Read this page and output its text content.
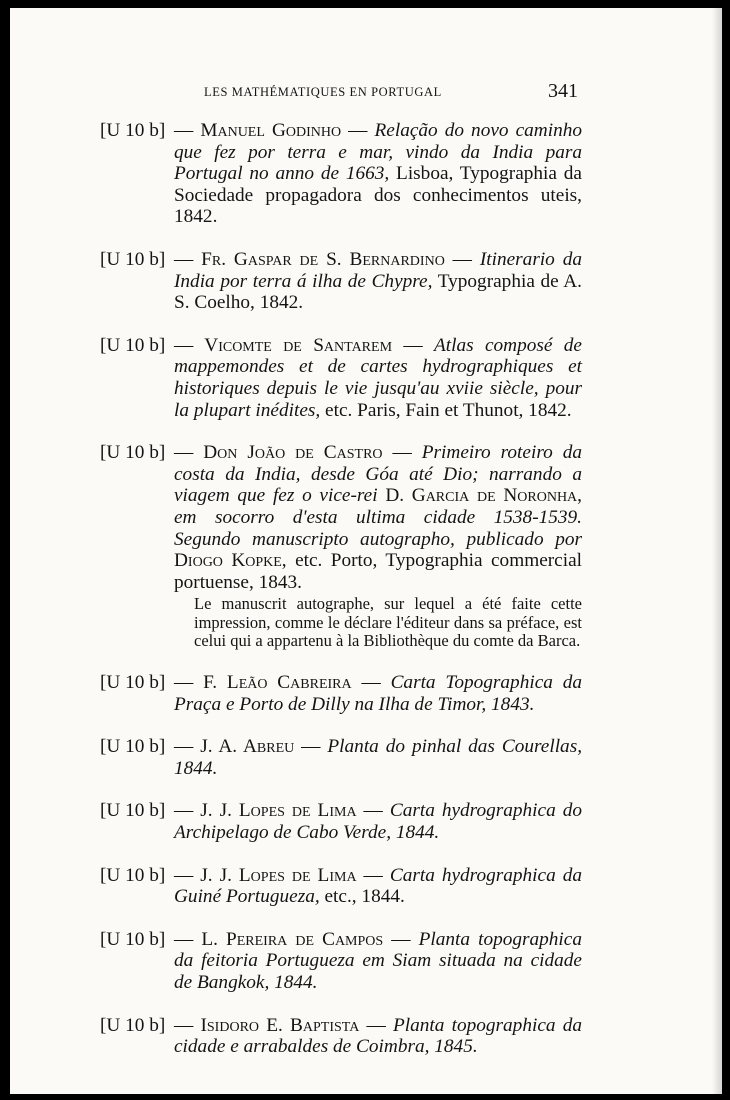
LES MATHÉMATIQUES EN PORTUGAL	341
[U 10 b] — Manuel Godinho — Relação do novo caminho que fez por terra e mar, vindo da India para Portugal no anno de 1663, Lisboa, Typographia da Sociedade propagadora dos conhecimentos uteis, 1842.
[U 10 b] — Fr. Gaspar de S. Bernardino — Itinerario da India por terra á ilha de Chypre, Typographia de A. S. Coelho, 1842.
[U 10 b] — Vicomte de Santarem — Atlas composé de mappemondes et de cartes hydrographiques et historiques depuis le vie jusqu'au xviie siècle, pour la plupart inédites, etc. Paris, Fain et Thunot, 1842.
[U 10 b] — Don João de Castro — Primeiro roteiro da costa da India, desde Góa até Dio; narrando a viagem que fez o vice-rei D. Garcia de Noronha, em socorro d'esta ultima cidade 1538-1539. Segundo manuscripto autographo, publicado por Diogo Kopke, etc. Porto, Typographia commercial portuense, 1843.
Le manuscrit autographe, sur lequel a été faite cette impression, comme le déclare l'éditeur dans sa préface, est celui qui a appartenu à la Bibliothèque du comte da Barca.
[U 10 b] — F. Leão Cabreira — Carta Topographica da Praça e Porto de Dilly na Ilha de Timor, 1843.
[U 10 b] — J. A. Abreu — Planta do pinhal das Courellas, 1844.
[U 10 b] — J. J. Lopes de Lima — Carta hydrographica do Archipelago de Cabo Verde, 1844.
[U 10 b] — J. J. Lopes de Lima — Carta hydrographica da Guiné Portugueza, etc., 1844.
[U 10 b] — L. Pereira de Campos — Planta topographica da feitoria Portugueza em Siam situada na cidade de Bangkok, 1844.
[U 10 b] — Isidoro E. Baptista — Planta topographica da cidade e arrabaldes de Coimbra, 1845.
